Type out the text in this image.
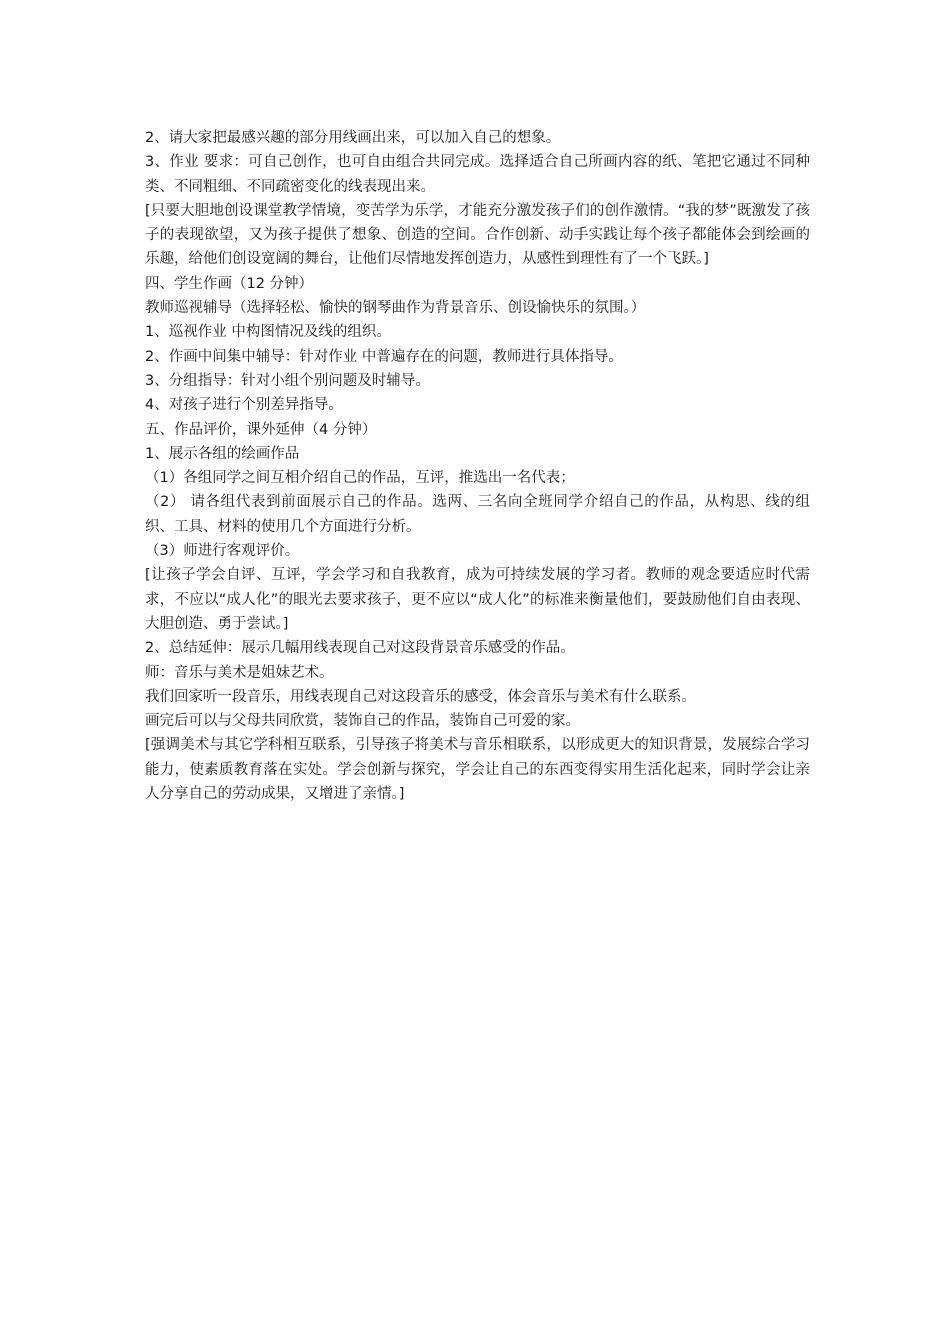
2、请大家把最感兴趣的部分用线画出来，可以加入自己的想象。

3、作业 要求：可自己创作，也可自由组合共同完成。选择适合自己所画内容的纸、笔把它通过不同种类、不同粗细、不同疏密变化的线表现出来。

[只要大胆地创设课堂教学情境，变苦学为乐学，才能充分激发孩子们的创作激情。“我的梦”既激发了孩子的表现欲望，又为孩子提供了想象、创造的空间。合作创新、动手实践让每个孩子都能体会到绘画的乐趣，给他们创设宽阔的舞台，让他们尽情地发挥创造力，从感性到理性有了一个飞跃。]

四、学生作画（12 分钟）

教师巡视辅导（选择轻松、愉快的钢琴曲作为背景音乐、创设愉快乐的氛围。）

1、巡视作业 中构图情况及线的组织。

2、作画中间集中辅导：针对作业 中普遍存在的问题，教师进行具体指导。

3、分组指导：针对小组个别问题及时辅导。

4、对孩子进行个别差异指导。

五、作品评价，课外延伸（4 分钟）

1、展示各组的绘画作品

（1）各组同学之间互相介绍自己的作品，互评，推选出一名代表；

（2） 请各组代表到前面展示自己的作品。选两、三名向全班同学介绍自己的作品，从构思、线的组织、工具、材料的使用几个方面进行分析。

（3）师进行客观评价。

[让孩子学会自评、互评，学会学习和自我教育，成为可持续发展的学习者。教师的观念要适应时代需求，不应以“成人化”的眼光去要求孩子，更不应以“成人化”的标准来衡量他们，要鼓励他们自由表现、大胆创造、勇于尝试。]

2、总结延伸：展示几幅用线表现自己对这段背景音乐感受的作品。

师：音乐与美术是姐妹艺术。

我们回家听一段音乐，用线表现自己对这段音乐的感受，体会音乐与美术有什么联系。

画完后可以与父母共同欣赏，装饰自己的作品，装饰自己可爱的家。

[强调美术与其它学科相互联系，引导孩子将美术与音乐相联系，以形成更大的知识背景，发展综合学习能力，使素质教育落在实处。学会创新与探究，学会让自己的东西变得实用生活化起来，同时学会让亲人分享自己的劳动成果，又增进了亲情。]
